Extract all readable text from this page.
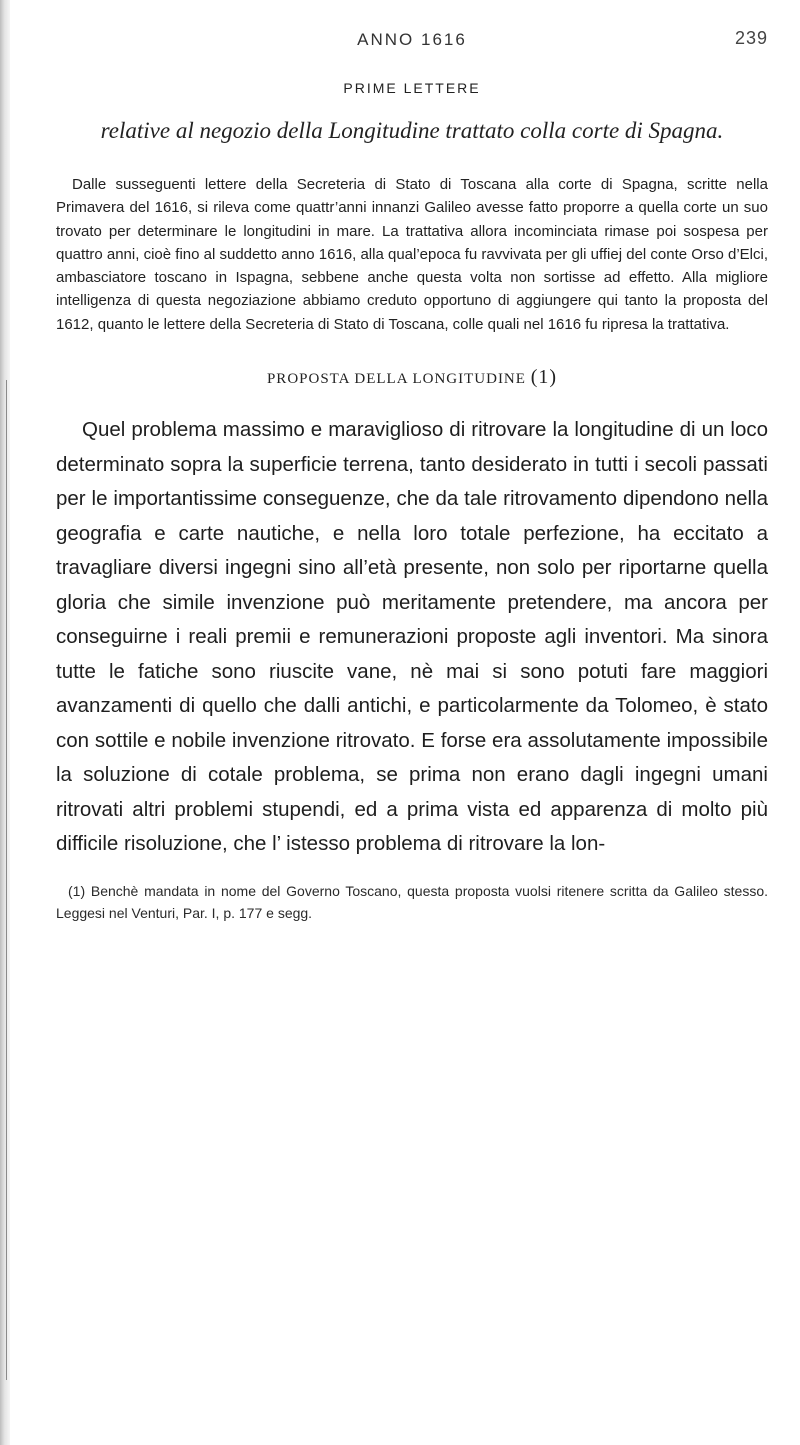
ANNO 1616	239
PRIME LETTERE
relative al negozio della Longitudine trattato colla corte di Spagna.

Dalle susseguenti lettere della Secreteria di Stato di Toscana alla corte di Spagna, scritte nella Primavera del 1616, si rileva come quattr’anni innanzi Galileo avesse fatto proporre a quella corte un suo trovato per determinare le longitudini in mare. La trattativa allora incominciata rimase poi sospesa per quattro anni, cioè fino al suddetto anno 1616, alla qual’epoca fu ravvivata per gli uffiej del conte Orso d’Elci, ambasciatore toscano in Ispagna, sebbene anche questa volta non sortisse ad effetto. Alla migliore intelligenza di questa negoziazione abbiamo creduto opportuno di aggiungere qui tanto la proposta del 1612, quanto le lettere della Secreteria di Stato di Toscana, colle quali nel 1616 fu ripresa la trattativa.

PROPOSTA DELLA LONGITUDINE (1)

Quel problema massimo e maraviglioso di ritrovare la longitudine di un loco determinato sopra la superficie terrena, tanto desiderato in tutti i secoli passati per le importantissime conseguenze, che da tale ritrovamento dipendono nella geografia e carte nautiche, e nella loro totale perfezione, ha eccitato a travagliare diversi ingegni sino all’età presente, non solo per riportarne quella gloria che simile invenzione può meritamente pretendere, ma ancora per conseguirne i reali premii e remunerazioni proposte agli inventori. Ma sinora tutte le fatiche sono riuscite vane, nè mai si sono potuti fare maggiori avanzamenti di quello che dalli antichi, e particolarmente da Tolomeo, è stato con sottile e nobile invenzione ritrovato. E forse era assolutamente impossibile la soluzione di cotale problema, se prima non erano dagli ingegni umani ritrovati altri problemi stupendi, ed a prima vista ed apparenza di molto più difficile risoluzione, che l’ istesso problema di ritrovare la lon-

(1) Benchè mandata in nome del Governo Toscano, questa proposta vuolsi ritenere scritta da Galileo stesso. Leggesi nel Venturi, Par. I, p. 177 e segg.
